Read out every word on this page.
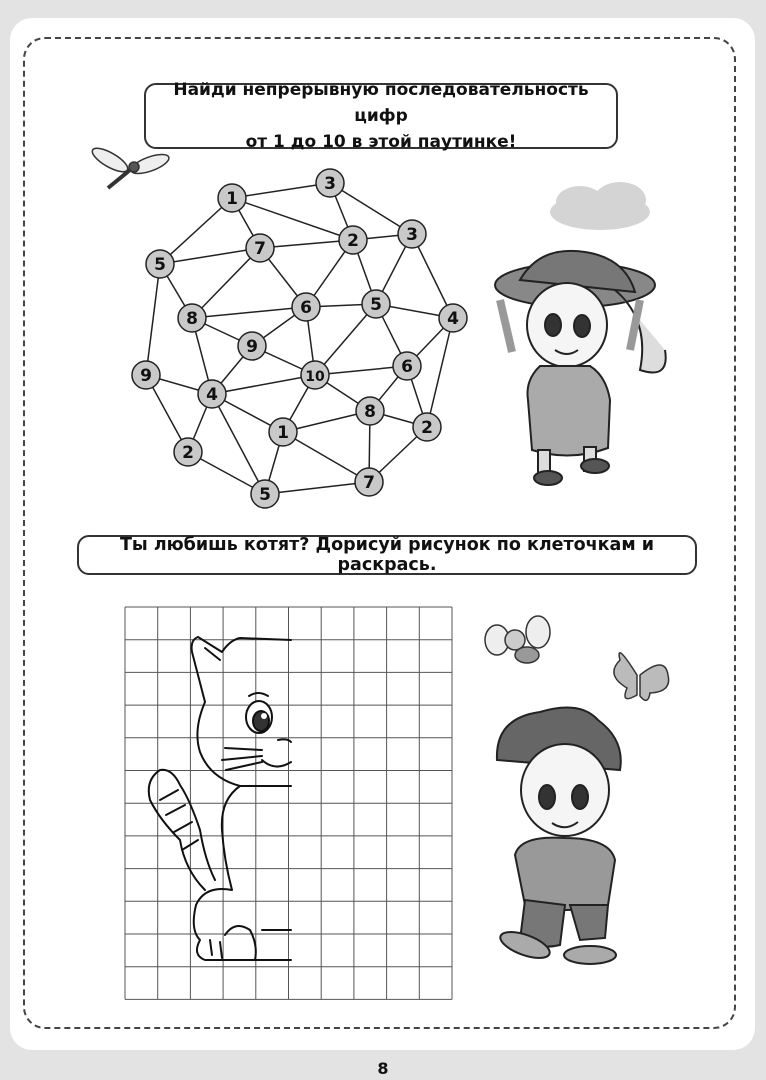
1
3
7	2	3
5
8
6	5
4
9
9	10	6
4
8
2
1
2
7
5
Найди непрерывную последовательность цифр
от 1 до 10 в этой паутинке!
Ты любишь котят? Дорисуй рисунок по клеточкам и раскрась.
8
